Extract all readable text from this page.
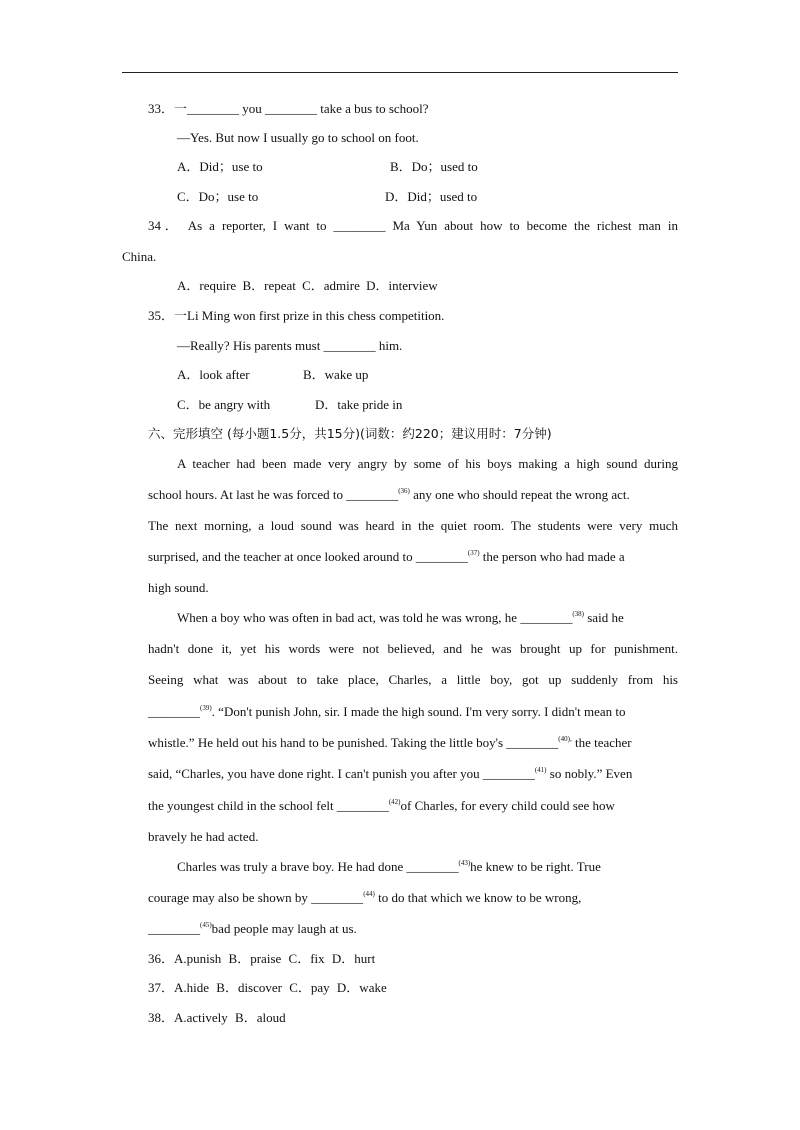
33．一________ you ________ take a bus to school?
—Yes. But now I usually go to school on foot.
A．Did；use to	B．Do；used to
C．Do；use to	D．Did；used to
34． As a reporter, I want to ________ Ma Yun about how to become the richest man in
China.
A．require B．repeat C．admire D．interview
35．一Li Ming won first prize in this chess competition.
—Really? His parents must ________ him.
A．look after	B．wake up
C．be angry with	D．take pride in
六、完形填空 (每小题1.5分，共15分)(词数：约220；建议用时：7分钟)
A teacher had been made very angry by some of his boys making a high sound during
school hours. At last he was forced to ________$^{(36)}$ any one who should repeat the wrong act.
The next morning, a loud sound was heard in the quiet room. The students were very much
surprised, and the teacher at once looked around to ________$^{(37)}$ the person who had made a
high sound.
When a boy who was often in bad act, was told he was wrong, he ________$^{(38)}$ said he
hadn't done it, yet his words were not believed, and he was brought up for punishment.
Seeing what was about to take place, Charles, a little boy, got up suddenly from his
________$^{(39)}$. “Don't punish John, sir. I made the high sound. I'm very sorry. I didn't mean to
whistle.” He held out his hand to be punished. Taking the little boy's ________$^{(40),}$ the teacher
said, “Charles, you have done right. I can't punish you after you ________$^{(41)}$ so nobly.” Even
the youngest child in the school felt ________$^{(42)}$of Charles, for every child could see how
bravely he had acted.
Charles was truly a brave boy. He had done ________$^{(43)}$he knew to be right. True
courage may also be shown by ________$^{(44)}$ to do that which we know to be wrong,
________$^{(45)}$bad people may laugh at us.
36．A.punish B．praise C．fix D．hurt
37．A.hide B．discover C．pay D．wake
38．A.actively B．aloud
